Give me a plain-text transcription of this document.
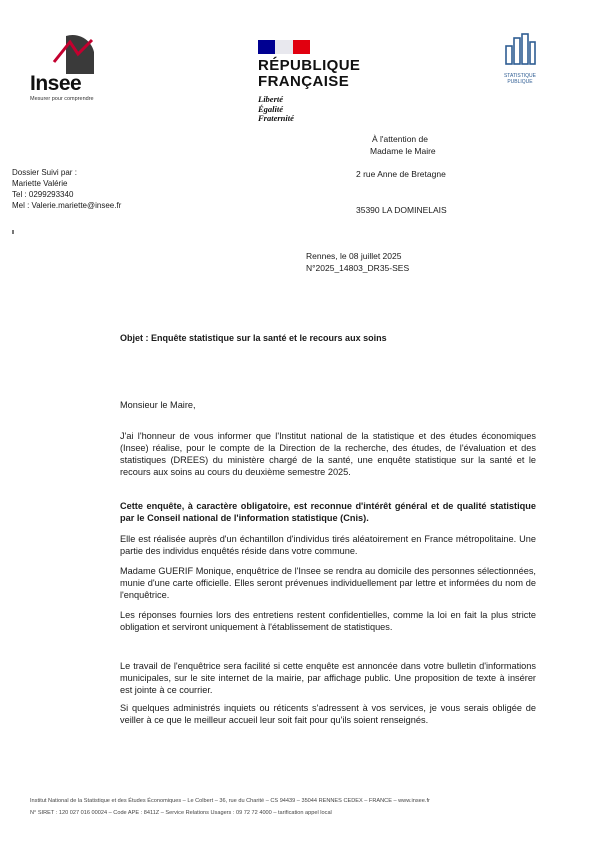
Insee
Mesurer pour comprendre
RÉPUBLIQUE
FRANÇAISE
Liberté
Égalité
Fraternité
STATISTIQUE
PUBLIQUE
À l'attention de
Madame le Maire
2 rue Anne de Bretagne
35390 LA DOMINELAIS
Dossier Suivi par :
Mariette Valérie
Tel : 0299293340
Mel : Valerie.mariette@insee.fr
Rennes, le 08 juillet 2025
N°2025_14803_DR35-SES
Objet : Enquête statistique sur la santé et le recours aux soins
Monsieur le Maire,

J'ai l'honneur de vous informer que l'Institut national de la statistique et des études économiques (Insee) réalise, pour le compte de la Direction de la recherche, des études, de l'évaluation et des statistiques (DREES) du ministère chargé de la santé, une enquête statistique sur la santé et le recours aux soins au cours du deuxième semestre 2025.

Cette enquête, à caractère obligatoire, est reconnue d'intérêt général et de qualité statistique par le Conseil national de l'information statistique (Cnis).

Elle est réalisée auprès d'un échantillon d'individus tirés aléatoirement en France métropolitaine. Une partie des individus enquêtés réside dans votre commune.

Madame GUERIF Monique, enquêtrice de l'Insee se rendra au domicile des personnes sélectionnées, munie d'une carte officielle. Elles seront prévenues individuellement par lettre et informées du nom de l'enquêtrice.

Les réponses fournies lors des entretiens restent confidentielles, comme la loi en fait la plus stricte obligation et serviront uniquement à l'établissement de statistiques.

Le travail de l'enquêtrice sera facilité si cette enquête est annoncée dans votre bulletin d'informations municipales, sur le site internet de la mairie, par affichage public. Une proposition de texte à insérer est jointe à ce courrier.

Si quelques administrés inquiets ou réticents s'adressent à vos services, je vous serais obligée de veiller à ce que le meilleur accueil leur soit fait pour qu'ils soient renseignés.

Institut National de la Statistique et des Études Économiques – Le Colbert – 36, rue du Charité – CS 94439 – 35044 RENNES CEDEX – FRANCE – www.insee.fr
N° SIRET : 120 027 016 00024 – Code APE : 8411Z – Service Relations Usagers : 09 72 72 4000 – tarification appel local
